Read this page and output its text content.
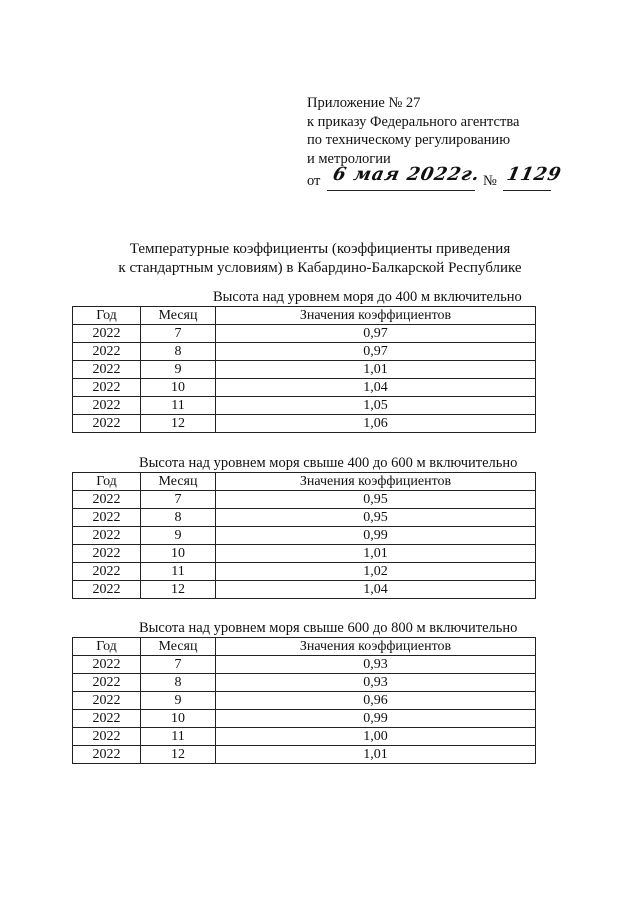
Приложение № 27
к приказу Федерального агентства
по техническому регулированию
и метрологии
от 6 мая 2022г. № 1129
Температурные коэффициенты (коэффициенты приведения
к стандартным условиям) в Кабардино-Балкарской Республике
Высота над уровнем моря до 400 м включительно
Год	Месяц	Значения коэффициентов
2022	7	0,97
2022	8	0,97
2022	9	1,01
2022	10	1,04
2022	11	1,05
2022	12	1,06
Высота над уровнем моря свыше 400 до 600 м включительно
Год	Месяц	Значения коэффициентов
2022	7	0,95
2022	8	0,95
2022	9	0,99
2022	10	1,01
2022	11	1,02
2022	12	1,04
Высота над уровнем моря свыше 600 до 800 м включительно
Год	Месяц	Значения коэффициентов
2022	7	0,93
2022	8	0,93
2022	9	0,96
2022	10	0,99
2022	11	1,00
2022	12	1,01
